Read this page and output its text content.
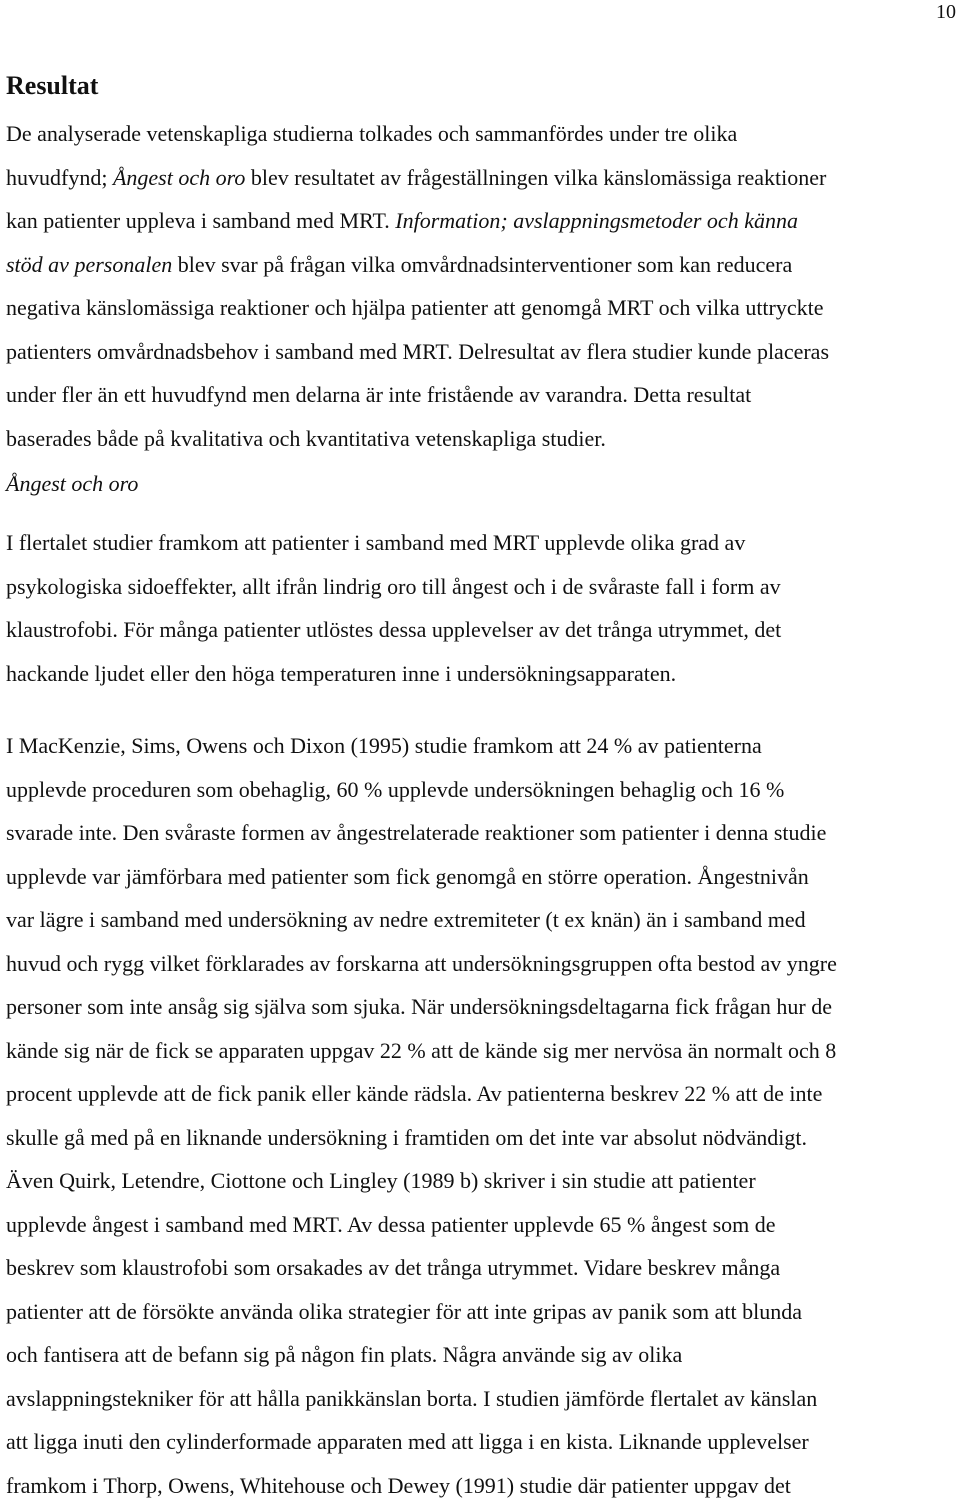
10
Resultat
De analyserade vetenskapliga studierna tolkades och sammanfördes under tre olika
huvudfynd; Ångest och oro blev resultatet av frågeställningen vilka känslomässiga reaktioner
kan patienter uppleva i samband med MRT. Information; avslappningsmetoder och känna
stöd av personalen blev svar på frågan vilka omvårdnadsinterventioner som kan reducera
negativa känslomässiga reaktioner och hjälpa patienter att genomgå MRT och vilka uttryckte
patienters omvårdnadsbehov i samband med MRT. Delresultat av flera studier kunde placeras
under fler än ett huvudfynd men delarna är inte fristående av varandra. Detta resultat
baserades både på kvalitativa och kvantitativa vetenskapliga studier.
Ångest och oro
I flertalet studier framkom att patienter i samband med MRT upplevde olika grad av
psykologiska sidoeffekter, allt ifrån lindrig oro till ångest och i de svåraste fall i form av
klaustrofobi. För många patienter utlöstes dessa upplevelser av det trånga utrymmet, det
hackande ljudet eller den höga temperaturen inne i undersökningsapparaten.
I MacKenzie, Sims, Owens och Dixon (1995) studie framkom att 24 % av patienterna
upplevde proceduren som obehaglig, 60 % upplevde undersökningen behaglig och 16 %
svarade inte. Den svåraste formen av ångestrelaterade reaktioner som patienter i denna studie
upplevde var jämförbara med patienter som fick genomgå en större operation. Ångestnivån
var lägre i samband med undersökning av nedre extremiteter (t ex knän) än i samband med
huvud och rygg vilket förklarades av forskarna att undersökningsgruppen ofta bestod av yngre
personer som inte ansåg sig själva som sjuka. När undersökningsdeltagarna fick frågan hur de
kände sig när de fick se apparaten uppgav 22 % att de kände sig mer nervösa än normalt och 8
procent upplevde att de fick panik eller kände rädsla. Av patienterna beskrev 22 % att de inte
skulle gå med på en liknande undersökning i framtiden om det inte var absolut nödvändigt.
Även Quirk, Letendre, Ciottone och Lingley (1989 b) skriver i sin studie att patienter
upplevde ångest i samband med MRT. Av dessa patienter upplevde 65 % ångest som de
beskrev som klaustrofobi som orsakades av det trånga utrymmet. Vidare beskrev många
patienter att de försökte använda olika strategier för att inte gripas av panik som att blunda
och fantisera att de befann sig på någon fin plats. Några använde sig av olika
avslappningstekniker för att hålla panikkänslan borta. I studien jämförde flertalet av känslan
att ligga inuti den cylinderformade apparaten med att ligga i en kista. Liknande upplevelser
framkom i Thorp, Owens, Whitehouse och Dewey (1991) studie där patienter uppgav det
